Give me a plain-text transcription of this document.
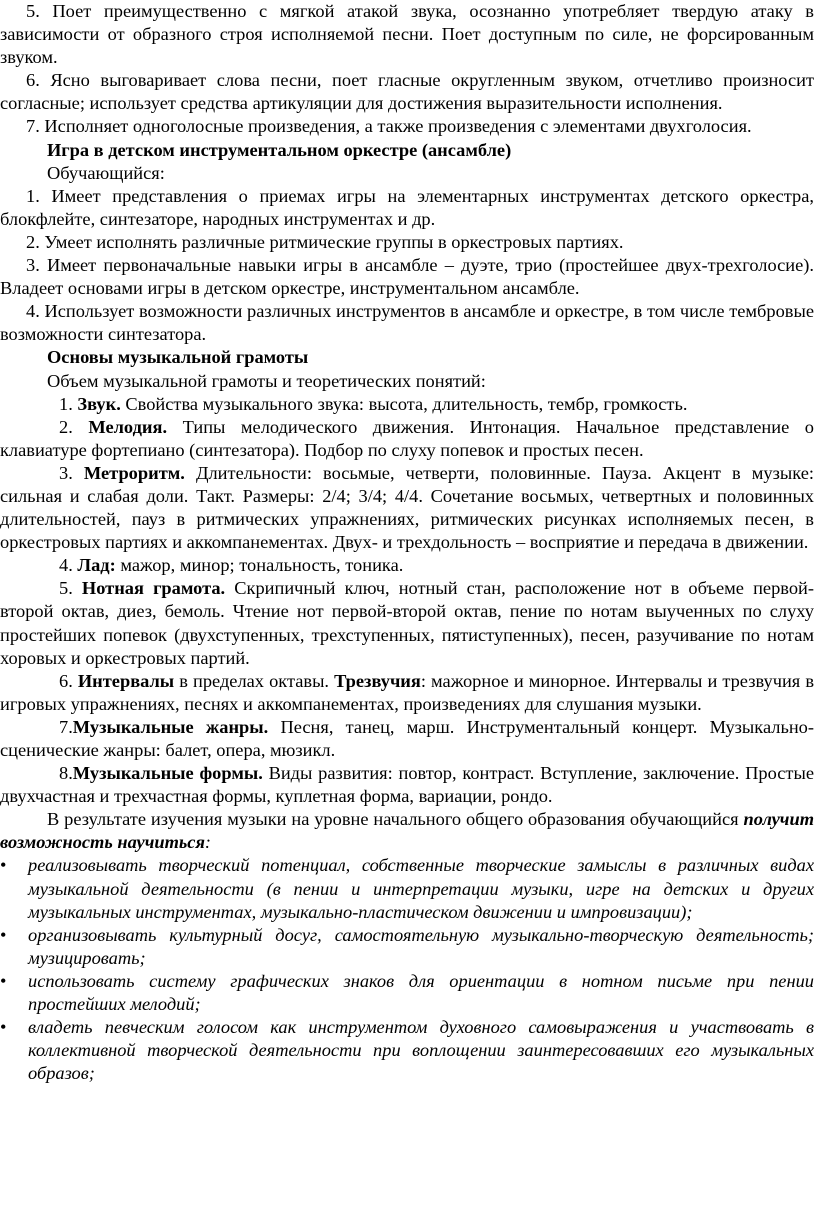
5. Поет преимущественно с мягкой атакой звука, осознанно употребляет твердую атаку в зависимости от образного строя исполняемой песни. Поет доступным по силе, не форсированным звуком.

6. Ясно выговаривает слова песни, поет гласные округленным звуком, отчетливо произносит согласные; использует средства артикуляции для достижения выразительности исполнения.

7. Исполняет одноголосные произведения, а также произведения с элементами двухголосия.

Игра в детском инструментальном оркестре (ансамбле)

Обучающийся:

1. Имеет представления о приемах игры на элементарных инструментах детского оркестра, блокфлейте, синтезаторе, народных инструментах и др.

2. Умеет исполнять различные ритмические группы в оркестровых партиях.

3. Имеет первоначальные навыки игры в ансамбле – дуэте, трио (простейшее двух-трехголосие). Владеет основами игры в детском оркестре, инструментальном ансамбле.

4. Использует возможности различных инструментов в ансамбле и оркестре, в том числе тембровые возможности синтезатора.

Основы музыкальной грамоты

Объем музыкальной грамоты и теоретических понятий:

1. Звук. Свойства музыкального звука: высота, длительность, тембр, громкость.

2. Мелодия. Типы мелодического движения. Интонация. Начальное представление о клавиатуре фортепиано (синтезатора). Подбор по слуху попевок и простых песен.

3. Метроритм. Длительности: восьмые, четверти, половинные. Пауза. Акцент в музыке: сильная и слабая доли. Такт. Размеры: 2/4; 3/4; 4/4. Сочетание восьмых, четвертных и половинных длительностей, пауз в ритмических упражнениях, ритмических рисунках исполняемых песен, в оркестровых партиях и аккомпанементах. Двух- и трехдольность – восприятие и передача в движении.

4. Лад: мажор, минор; тональность, тоника.

5. Нотная грамота. Скрипичный ключ, нотный стан, расположение нот в объеме первой-второй октав, диез, бемоль. Чтение нот первой-второй октав, пение по нотам выученных по слуху простейших попевок (двухступенных, трехступенных, пятиступенных), песен, разучивание по нотам хоровых и оркестровых партий.

6. Интервалы в пределах октавы. Трезвучия: мажорное и минорное. Интервалы и трезвучия в игровых упражнениях, песнях и аккомпанементах, произведениях для слушания музыки.

7.Музыкальные жанры. Песня, танец, марш. Инструментальный концерт. Музыкально-сценические жанры: балет, опера, мюзикл.

8.Музыкальные формы. Виды развития: повтор, контраст. Вступление, заключение. Простые двухчастная и трехчастная формы, куплетная форма, вариации, рондо.

В результате изучения музыки на уровне начального общего образования обучающийся получит возможность научиться:

• реализовывать творческий потенциал, собственные творческие замыслы в различных видах музыкальной деятельности (в пении и интерпретации музыки, игре на детских и других музыкальных инструментах, музыкально-пластическом движении и импровизации);
• организовывать культурный досуг, самостоятельную музыкально-творческую деятельность; музицировать;
• использовать систему графических знаков для ориентации в нотном письме при пении простейших мелодий;
• владеть певческим голосом как инструментом духовного самовыражения и участвовать в коллективной творческой деятельности при воплощении заинтересовавших его музыкальных образов;
